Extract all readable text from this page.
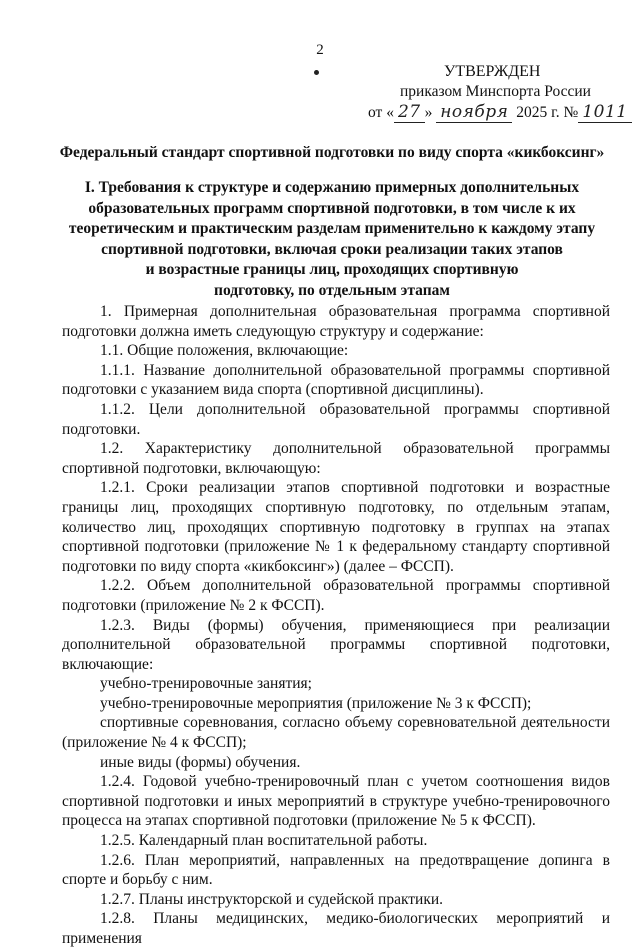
2
УТВЕРЖДЕН
приказом Минспорта России
от « 27 » ноября 2025 г. № 1011
Федеральный стандарт спортивной подготовки по виду спорта «кикбоксинг»
I. Требования к структуре и содержанию примерных дополнительных
образовательных программ спортивной подготовки, в том числе к их
теоретическим и практическим разделам применительно к каждому этапу
спортивной подготовки, включая сроки реализации таких этапов
и возрастные границы лиц, проходящих спортивную
подготовку, по отдельным этапам

1. Примерная дополнительная образовательная программа спортивной подготовки должна иметь следующую структуру и содержание:

1.1. Общие положения, включающие:

1.1.1. Название дополнительной образовательной программы спортивной подготовки с указанием вида спорта (спортивной дисциплины).

1.1.2. Цели дополнительной образовательной программы спортивной подготовки.

1.2. Характеристику дополнительной образовательной программы спортивной подготовки, включающую:

1.2.1. Сроки реализации этапов спортивной подготовки и возрастные границы лиц, проходящих спортивную подготовку, по отдельным этапам, количество лиц, проходящих спортивную подготовку в группах на этапах спортивной подготовки (приложение № 1 к федеральному стандарту спортивной подготовки по виду спорта «кикбоксинг») (далее – ФССП).

1.2.2. Объем дополнительной образовательной программы спортивной подготовки (приложение № 2 к ФССП).

1.2.3. Виды (формы) обучения, применяющиеся при реализации дополнительной образовательной программы спортивной подготовки, включающие:

учебно-тренировочные занятия;

учебно-тренировочные мероприятия (приложение № 3 к ФССП);

спортивные соревнования, согласно объему соревновательной деятельности (приложение № 4 к ФССП);

иные виды (формы) обучения.

1.2.4. Годовой учебно-тренировочный план с учетом соотношения видов спортивной подготовки и иных мероприятий в структуре учебно-тренировочного процесса на этапах спортивной подготовки (приложение № 5 к ФССП).

1.2.5. Календарный план воспитательной работы.

1.2.6. План мероприятий, направленных на предотвращение допинга в спорте и борьбу с ним.

1.2.7. Планы инструкторской и судейской практики.

1.2.8. Планы медицинских, медико-биологических мероприятий и применения
